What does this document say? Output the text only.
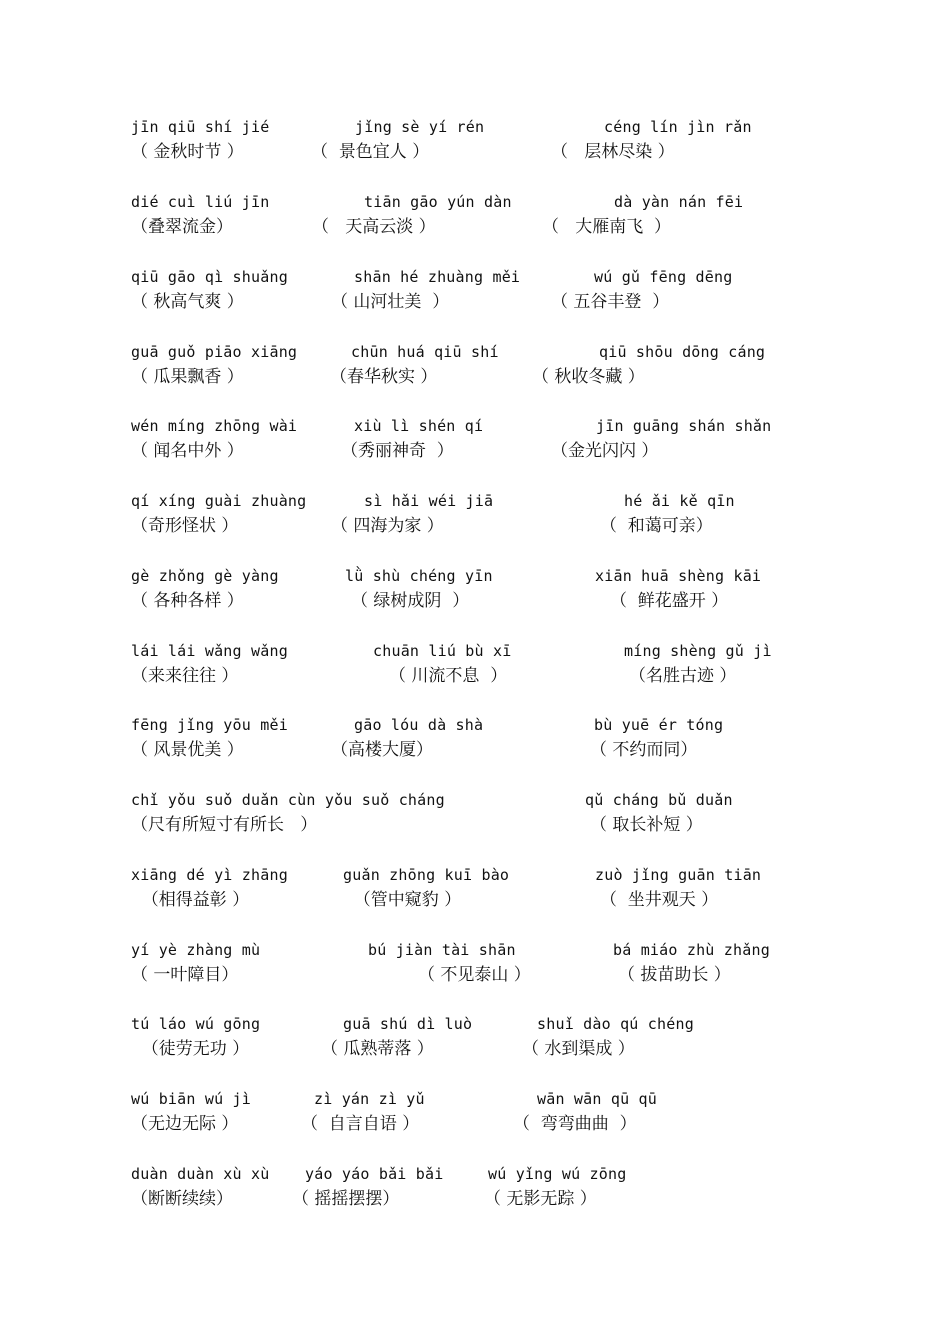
jīn qiū shí jié
（ 金秋时节 ）
jǐng sè yí rén
（  景色宜人 ）
céng lín jìn rǎn
（   层林尽染 ）
dié cuì liú jīn
（叠翠流金）
tiān gāo yún dàn
（   天高云淡 ）
dà yàn nán fēi
（   大雁南飞  ）
qiū gāo qì shuǎng
（ 秋高气爽 ）
shān hé zhuàng měi
（ 山河壮美  ）
wú gǔ fēng dēng
（ 五谷丰登  ）
guā guǒ piāo xiāng
（ 瓜果飘香 ）
chūn huá qiū shí
（春华秋实 ）
qiū shōu dōng cáng
（ 秋收冬藏 ）
wén míng zhōng wài
（ 闻名中外 ）
xiù lì shén qí
（秀丽神奇  ）
jīn guāng shán shǎn
（金光闪闪 ）
qí xíng guài zhuàng
（奇形怪状 ）
sì hǎi wéi jiā
（ 四海为家 ）
hé ǎi kě qīn
（  和蔼可亲）
gè zhǒng gè yàng
（ 各种各样 ）
lǜ shù chéng yīn
（ 绿树成阴  ）
xiān huā shèng kāi
（  鲜花盛开 ）
lái lái wǎng wǎng
（来来往往 ）
chuān liú bù xī
（ 川流不息  ）
míng shèng gǔ jì
（名胜古迹 ）
fēng jǐng yōu měi
（ 风景优美 ）
gāo lóu dà shà
（高楼大厦）
bù yuē ér tóng
（ 不约而同）
chǐ yǒu suǒ duǎn cùn yǒu suǒ cháng
（尺有所短寸有所长   ）
qǔ cháng bǔ duǎn
（ 取长补短 ）
xiāng dé yì zhāng
（相得益彰 ）
guǎn zhōng kuī bào
（管中窥豹 ）
zuò jǐng guān tiān
（  坐井观天 ）
yí yè zhàng mù
（ 一叶障目）
bú jiàn tài shān
（ 不见泰山 ）
bá miáo zhù zhǎng
（ 拔苗助长 ）
tú láo wú gōng
（徒劳无功 ）
guā shú dì luò
（ 瓜熟蒂落 ）
shuǐ dào qú chéng
（ 水到渠成 ）
wú biān wú jì
（无边无际 ）
zì yán zì yǔ
（  自言自语 ）
wān wān qū qū
（  弯弯曲曲  ）
duàn duàn xù xù
（断断续续）
yáo yáo bǎi bǎi
（ 摇摇摆摆）
wú yǐng wú zōng
（ 无影无踪 ）
